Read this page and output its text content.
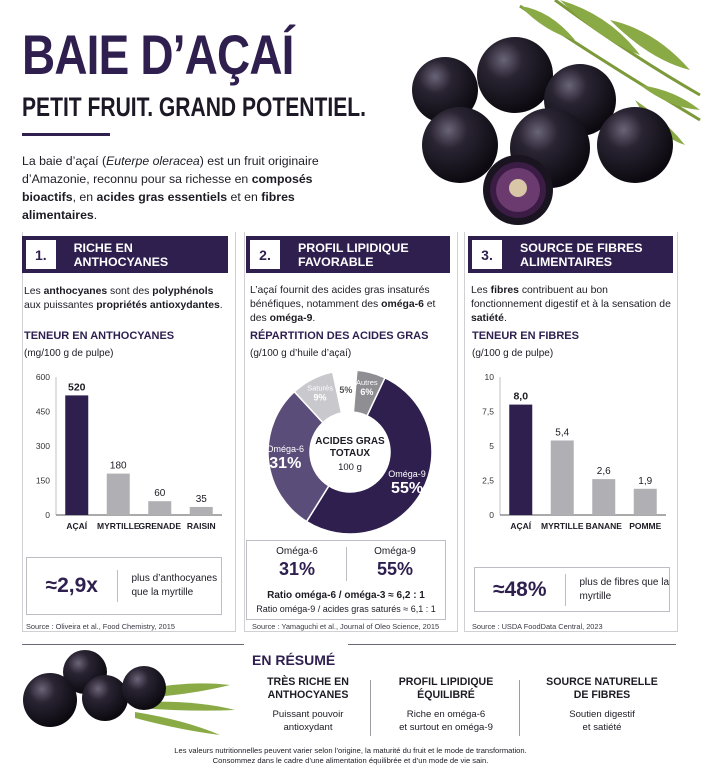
BAIE D’AÇAÍ
PETIT FRUIT. GRAND POTENTIEL.
La baie d’açaí (Euterpe oleracea) est un fruit originaire d’Amazonie, reconnu pour sa richesse en composés bioactifs, en acides gras essentiels et en fibres alimentaires.
1.	RICHE EN ANTHOCYANES
Les anthocyanes sont des polyphénols aux puissantes propriétés antioxydantes.
TENEUR EN ANTHOCYANES
(mg/100 g de pulpe)
0
150
300
450
600
520
AÇAÍ
180
MYRTILLE
60
GRENADE
35
RAISIN
≈2,9x	plus d’anthocyanes que la myrtille
Source : Oliveira et al., Food Chemistry, 2015
2.	PROFIL LIPIDIQUE
FAVORABLE
L’açaí fournit des acides gras insaturés bénéfiques, notamment des oméga-6 et des oméga-9.
RÉPARTITION DES ACIDES GRAS
(g/100 g d’huile d’açaí)
Oméga-9
55%
Oméga-6
31%
Saturés
9%
5%
Autres
6%
ACIDES GRAS
TOTAUX
100 g
Oméga-6
31%
Oméga-9
55%
Ratio oméga-6 / oméga-3 ≈ 6,2 : 1
Ratio oméga-9 / acides gras saturés ≈ 6,1 : 1
Source : Yamaguchi et al., Journal of Oleo Science, 2015
3.	SOURCE DE FIBRES
ALIMENTAIRES
Les fibres contribuent au bon fonctionnement digestif et à la sensation de satiété.
TENEUR EN FIBRES
(g/100 g de pulpe)
0
2,5
5
7,5
10
8,0
AÇAÍ
5,4
MYRTILLE
2,6
BANANE
1,9
POMME
≈48%	plus de fibres que la myrtille
Source : USDA FoodData Central, 2023
EN RÉSUMÉ
TRÈS RICHE EN
ANTHOCYANES
Puissant pouvoir
antioxydant
PROFIL LIPIDIQUE
ÉQUILIBRÉ
Riche en oméga-6
et surtout en oméga-9
SOURCE NATURELLE
DE FIBRES
Soutien digestif
et satiété
Les valeurs nutritionnelles peuvent varier selon l’origine, la maturité du fruit et le mode de transformation.
Consommez dans le cadre d’une alimentation équilibrée et d’un mode de vie sain.
